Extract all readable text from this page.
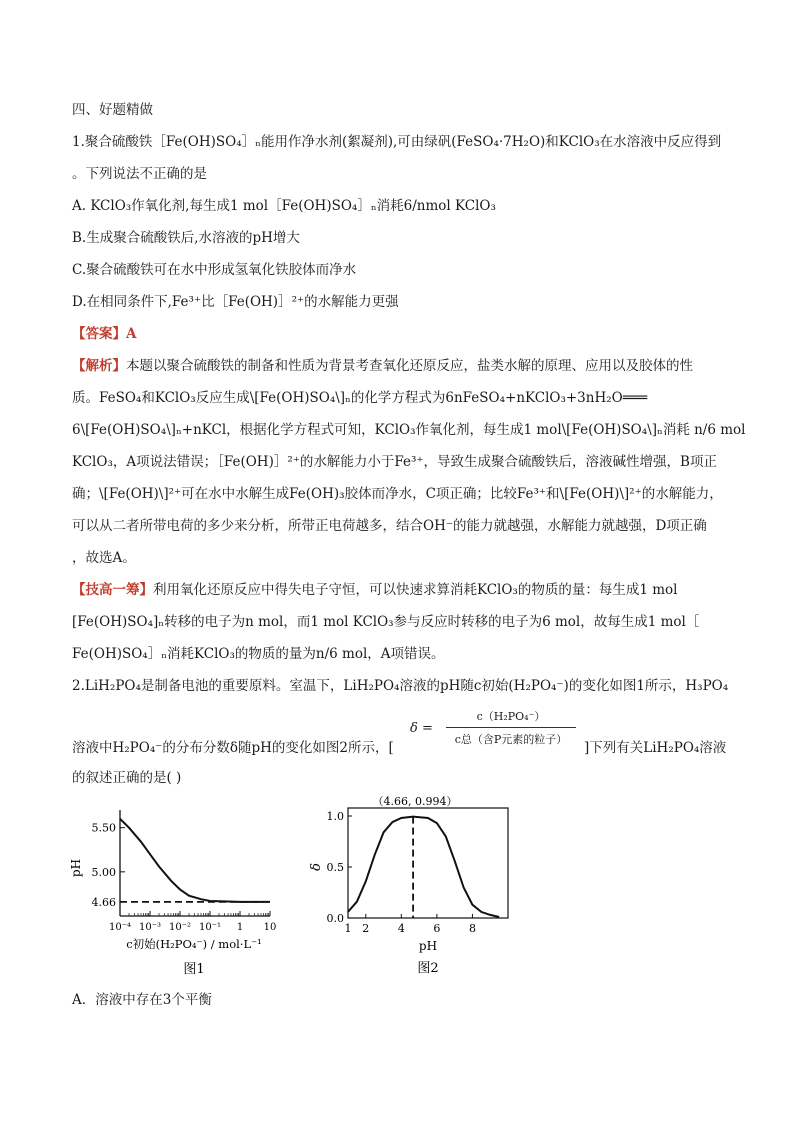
四、好题精做
1.聚合硫酸铁［Fe(OH)SO₄］ₙ能用作净水剂(絮凝剂),可由绿矾(FeSO₄·7H₂O)和KClO₃在水溶液中反应得到
。下列说法不正确的是
A. KClO₃作氧化剂,每生成1 mol［Fe(OH)SO₄］ₙ消耗6/nmol KClO₃
B.生成聚合硫酸铁后,水溶液的pH增大
C.聚合硫酸铁可在水中形成氢氧化铁胶体而净水
D.在相同条件下,Fe³⁺比［Fe(OH)］²⁺的水解能力更强
【答案】A
【解析】本题以聚合硫酸铁的制备和性质为背景考查氧化还原反应，盐类水解的原理、应用以及胶体的性
质。FeSO₄和KClO₃反应生成\[Fe(OH)SO₄\]ₙ的化学方程式为6nFeSO₄+nKClO₃+3nH₂O═══
6\[Fe(OH)SO₄\]ₙ+nKCl，根据化学方程式可知，KClO₃作氧化剂，每生成1 mol\[Fe(OH)SO₄\]ₙ消耗 n/6 mol
KClO₃，A项说法错误；［Fe(OH)］²⁺的水解能力小于Fe³⁺，导致生成聚合硫酸铁后，溶液碱性增强，B项正
确；\[Fe(OH)\]²⁺可在水中水解生成Fe(OH)₃胶体而净水，C项正确；比较Fe³⁺和\[Fe(OH)\]²⁺的水解能力，
可以从二者所带电荷的多少来分析，所带正电荷越多，结合OH⁻的能力就越强，水解能力就越强，D项正确
，故选A。
【技高一筹】利用氧化还原反应中得失电子守恒，可以快速求算消耗KClO₃的物质的量：每生成1 mol
[Fe(OH)SO₄]ₙ转移的电子为n mol，而1 mol KClO₃参与反应时转移的电子为6 mol，故每生成1 mol［
Fe(OH)SO₄］ₙ消耗KClO₃的物质的量为n/6 mol，A项错误。
2.LiH₂PO₄是制备电池的重要原料。室温下，LiH₂PO₄溶液的pH随c初始(H₂PO₄⁻)的变化如图1所示，H₃PO₄
溶液中H₂PO₄⁻的分布分数δ随pH的变化如图2所示，[
δ =
c（H₂PO₄⁻）
c总（含P元素的粒子）
]下列有关LiH₂PO₄溶液
的叙述正确的是( )
10⁻⁴ 10⁻³ 10⁻² 10⁻¹ 1 10
4.66
5.00
5.50
pH
c初始(H₂PO₄⁻) / mol·L⁻¹
图1
1 2	4	6	8
0.0
0.5
1.0
（4.66, 0.994）
δ
pH
图2
A．溶液中存在3个平衡
